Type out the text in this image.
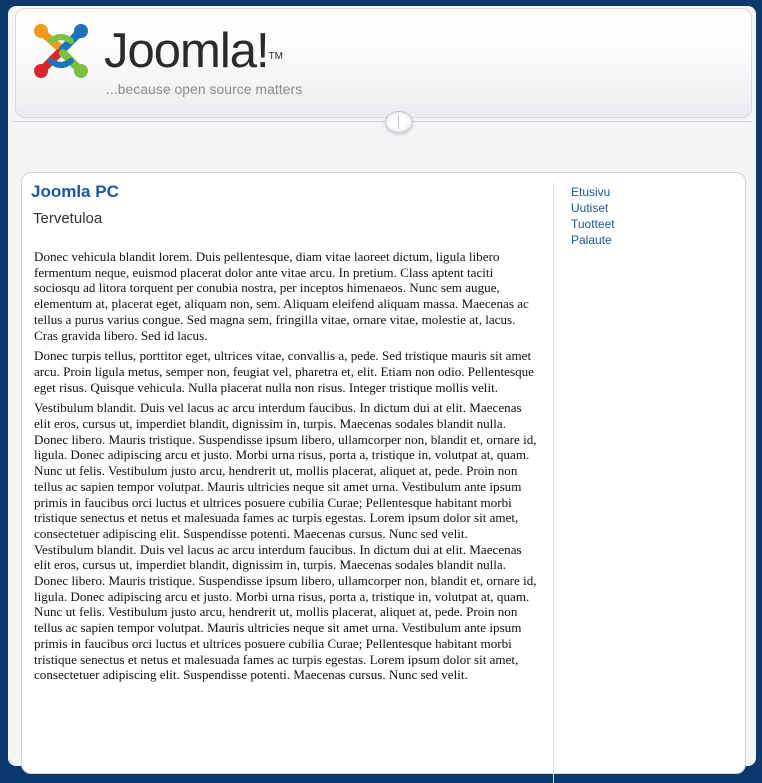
Joomla!™
...because open source matters
Joomla PC
Tervetuloa

Donec vehicula blandit lorem. Duis pellentesque, diam vitae laoreet dictum, ligula libero fermentum neque, euismod placerat dolor ante vitae arcu. In pretium. Class aptent taciti sociosqu ad litora torquent per conubia nostra, per inceptos himenaeos. Nunc sem augue, elementum at, placerat eget, aliquam non, sem. Aliquam eleifend aliquam massa. Maecenas ac tellus a purus varius congue. Sed magna sem, fringilla vitae, ornare vitae, molestie at, lacus. Cras gravida libero. Sed id lacus.

Donec turpis tellus, porttitor eget, ultrices vitae, convallis a, pede. Sed tristique mauris sit amet arcu. Proin ligula metus, semper non, feugiat vel, pharetra et, elit. Etiam non odio. Pellentesque eget risus. Quisque vehicula. Nulla placerat nulla non risus. Integer tristique mollis velit.

Vestibulum blandit. Duis vel lacus ac arcu interdum faucibus. In dictum dui at elit. Maecenas elit eros, cursus ut, imperdiet blandit, dignissim in, turpis. Maecenas sodales blandit nulla. Donec libero. Mauris tristique. Suspendisse ipsum libero, ullamcorper non, blandit et, ornare id, ligula. Donec adipiscing arcu et justo. Morbi urna risus, porta a, tristique in, volutpat at, quam. Nunc ut felis. Vestibulum justo arcu, hendrerit ut, mollis placerat, aliquet at, pede. Proin non tellus ac sapien tempor volutpat. Mauris ultricies neque sit amet urna. Vestibulum ante ipsum primis in faucibus orci luctus et ultrices posuere cubilia Curae; Pellentesque habitant morbi tristique senectus et netus et malesuada fames ac turpis egestas. Lorem ipsum dolor sit amet, consectetuer adipiscing elit. Suspendisse potenti. Maecenas cursus. Nunc sed velit.

Vestibulum blandit. Duis vel lacus ac arcu interdum faucibus. In dictum dui at elit. Maecenas elit eros, cursus ut, imperdiet blandit, dignissim in, turpis. Maecenas sodales blandit nulla. Donec libero. Mauris tristique. Suspendisse ipsum libero, ullamcorper non, blandit et, ornare id, ligula. Donec adipiscing arcu et justo. Morbi urna risus, porta a, tristique in, volutpat at, quam. Nunc ut felis. Vestibulum justo arcu, hendrerit ut, mollis placerat, aliquet at, pede. Proin non tellus ac sapien tempor volutpat. Mauris ultricies neque sit amet urna. Vestibulum ante ipsum primis in faucibus orci luctus et ultrices posuere cubilia Curae; Pellentesque habitant morbi tristique senectus et netus et malesuada fames ac turpis egestas. Lorem ipsum dolor sit amet, consectetuer adipiscing elit. Suspendisse potenti. Maecenas cursus. Nunc sed velit.

Etusivu
Uutiset
Tuotteet
Palaute
